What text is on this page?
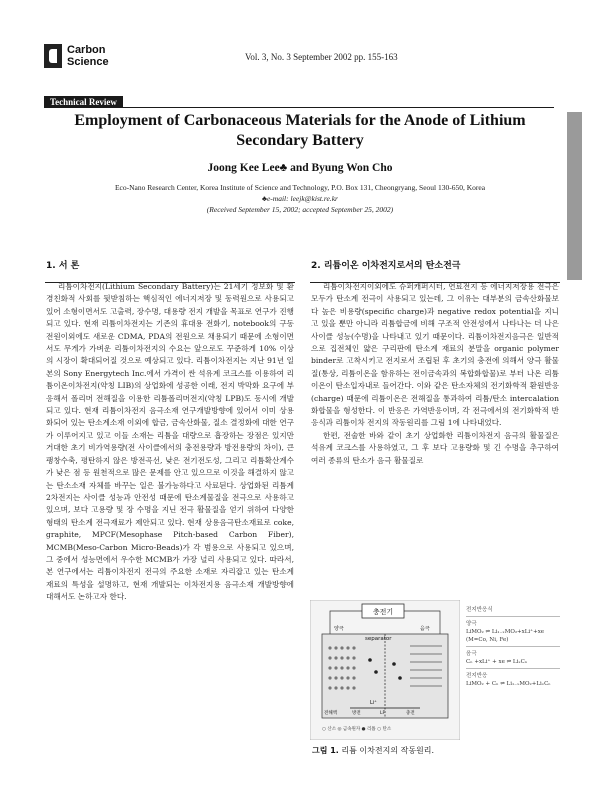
Carbon
Science	Vol. 3, No. 3 September 2002 pp. 155-163
Technical Review
Employment of Carbonaceous Materials for the Anode of Lithium Secondary Battery
Joong Kee Lee♣ and Byung Won Cho
Eco-Nano Research Center, Korea Institute of Science and Technology, P.O. Box 131, Cheongryang, Seoul 130-650, Korea
♣e-mail: leejk@kist.re.kr
(Received September 15, 2002; accepted September 25, 2002)
1. 서 론

리튬이차전지(Lithium Secondary Battery)는 21세기 정보화 및 환경친화적 사회를 뒷받침하는 핵심적인 에너지저장 및 동력원으로 사용되고 있어 소형이면서도 고출력, 장수명, 대용량 전지 개발을 목표로 연구가 진행되고 있다. 현재 리튬이차전지는 기존의 휴대용 전화기, notebook의 구동전원이외에도 새로운 CDMA, PDA의 전원으로 채용되기 때문에 소형이면서도 무게가 가벼운 리튬이차전지의 수요는 앞으로도 꾸준하게 10% 이상의 시장이 확대되어질 것으로 예상되고 있다. 리튬이차전지는 지난 91년 일본의 Sony Energytech Inc.에서 가격이 싼 석유계 코크스를 이용하여 리튬이온이차전지(약칭 LIB)의 상업화에 성공한 이래, 전지 박막화 요구에 부응해서 폴리머 전해질을 이용한 리튬폴리머전지(약칭 LPB)도 동시에 개발되고 있다. 현재 리튬이차전지 음극소재 연구개발방향에 있어서 이미 상용화되어 있는 탄소계소재 이외에 합금, 금속산화물, 질소 결정화에 대한 연구가 이루어지고 있고 이들 소재는 리튬을 대량으로 흡장하는 장점은 있지만 거대한 초기 비가역용량(전 사이클에서의 충전용량과 방전용량의 차이), 큰 팽창수축, 평탄하지 않은 방전곡선, 낮은 전기전도성, 그리고 리튬확산계수가 낮은 점 등 원천적으로 많은 문제를 안고 있으므로 이것을 해결하지 않고는 탄소소재 자체를 바꾸는 일은 불가능하다고 사료된다. 상업화된 리튬계 2차전지는 사이클 성능과 안전성 때문에 탄소계물질을 전극으로 사용하고 있으며, 보다 고용량 및 장 수명을 지닌 전극 활물질을 얻기 위하여 다양한 형태의 탄소계 전극재료가 제안되고 있다. 현재 상용음극탄소재료로 coke, graphite, MPCF(Mesophase Pitch-based Carbon Fiber), MCMB(Meso-Carbon Micro-Beads)가 각 범용으로 사용되고 있으며, 그 중에서 성능면에서 우수한 MCMB가 가장 널리 사용되고 있다. 따라서, 본 연구에서는 리튬이차전지 전극의 주요한 소재로 자리잡고 있는 탄소계 재료의 특성을 설명하고, 현재 개발되는 이차전지용 음극소재 개발방향에 대해서도 논하고자 한다.

2. 리튬이온 이차전지로서의 탄소전극

리튬이차전지이외에도 슈퍼캐퍼시터, 연료전지 등 에너지저장용 전극은 모두가 탄소계 전극이 사용되고 있는데, 그 이유는 대부분의 금속산화물보다 높은 비용량(specific charge)과 negative redox potential을 지니고 있을 뿐만 아니라 리튬합금에 비해 구조적 안전성에서 나타나는 더 나은 사이클 성능(수명)을 나타내고 있기 때문이다. 리튬이차전지음극은 일반적으로 집전체인 얇은 구리판에 탄소계 재료의 분말을 organic polymer binder로 고착시키고 전지로서 조립된 후 초기의 충전에 의해서 양극 활물질(통상, 리튬이온을 함유하는 전이금속과의 복합화합물)로 부터 나온 리튬이온이 탄소입자내로 들어간다. 이와 같은 탄소자체의 전기화학적 환원반응(charge) 때문에 리튬이온은 전해질을 통과하여 리튬/탄소 intercalation 화합물을 형성한다. 이 반응은 가역반응이며, 각 전극에서의 전기화학적 반응식과 리튬이차 전지의 작동원리를 그림 1에 나타내었다.

한편, 전술한 바와 같이 초기 상업화한 리튬이차전지 음극의 활물질은 석유계 코크스를 사용하였고, 그 후 보다 고용량화 및 긴 수명을 추구하여 여러 종류의 탄소가 음극 활물질로

충전기
양극	음극
separator
Li⁺
전해액	방전	LF	충전
○ 산소 ◎ 금속원자 ● 리튬 ○ 탄소
전지반응식
양극
LiMO₂ ⇌ Li₁₋ₓMO₂+xLi⁺+xe
(M=Co, Ni, Fe)
음극
Cₙ +xLi⁺ + xe ⇌ LiₓCₙ
전지반응
LiMO₂ + Cₙ ⇌ Li₁₋ₓMO₂+LiₓCₙ
그림 1. 리튬 이차전지의 작동원리.
